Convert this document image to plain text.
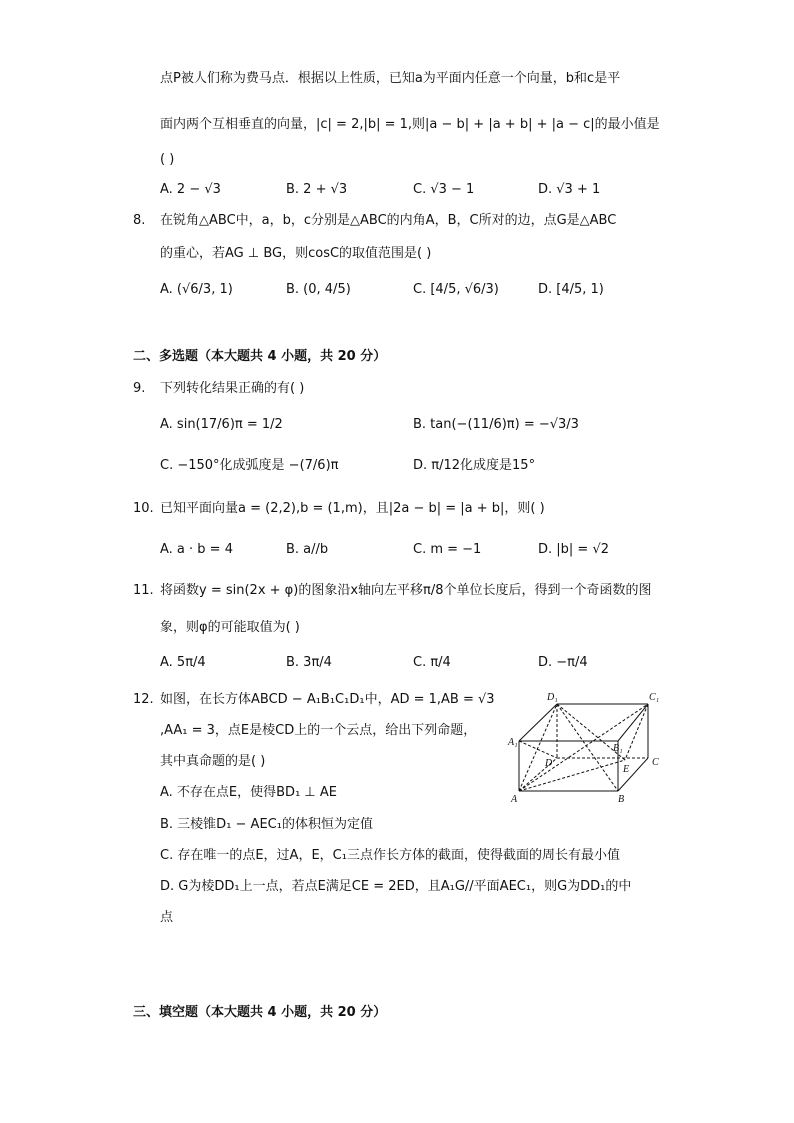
点P被人们称为费马点．根据以上性质，已知a为平面内任意一个向量，b和c是平
面内两个互相垂直的向量，|c| = 2,|b| = 1,则|a − b| + |a + b| + |a − c|的最小值是
( )
A. 2 − √3	B. 2 + √3	C. √3 − 1	D. √3 + 1
8. 在锐角△ABC中，a，b，c分别是△ABC的内角A，B，C所对的边，点G是△ABC
的重心，若AG ⊥ BG，则cosC的取值范围是( )
A. (√6/3, 1)	B. (0, 4/5)	C. [4/5, √6/3)	D. [4/5, 1)
二、多选题（本大题共 4 小题，共 20 分）
9. 下列转化结果正确的有( )
A. sin(17/6)π = 1/2	B. tan(−(11/6)π) = −√3/3
C. −150°化成弧度是 −(7/6)π	D. π/12化成度是15°
10. 已知平面向量a = (2,2),b = (1,m)，且|2a − b| = |a + b|，则( )
A. a · b = 4	B. a//b	C. m = −1	D. |b| = √2
11. 将函数y = sin(2x + φ)的图象沿x轴向左平移π/8个单位长度后，得到一个奇函数的图
象，则φ的可能取值为( )
A. 5π/4	B. 3π/4	C. π/4	D. −π/4
12. 如图，在长方体ABCD − A₁B₁C₁D₁中，AD = 1,AB = √3
,AA₁ = 3，点E是棱CD上的一个云点，给出下列命题，
其中真命题的是( )
A. 不存在点E，使得BD₁ ⊥ AE
B. 三棱锥D₁ − AEC₁的体积恒为定值
C. 存在唯一的点E，过A，E，C₁三点作长方体的截面，使得截面的周长有最小值
D. G为棱DD₁上一点，若点E满足CE = 2ED，且A₁G//平面AEC₁，则G为DD₁的中
点
D₁	C₁
A₁
B₁
D
E
C
A	B
三、填空题（本大题共 4 小题，共 20 分）
